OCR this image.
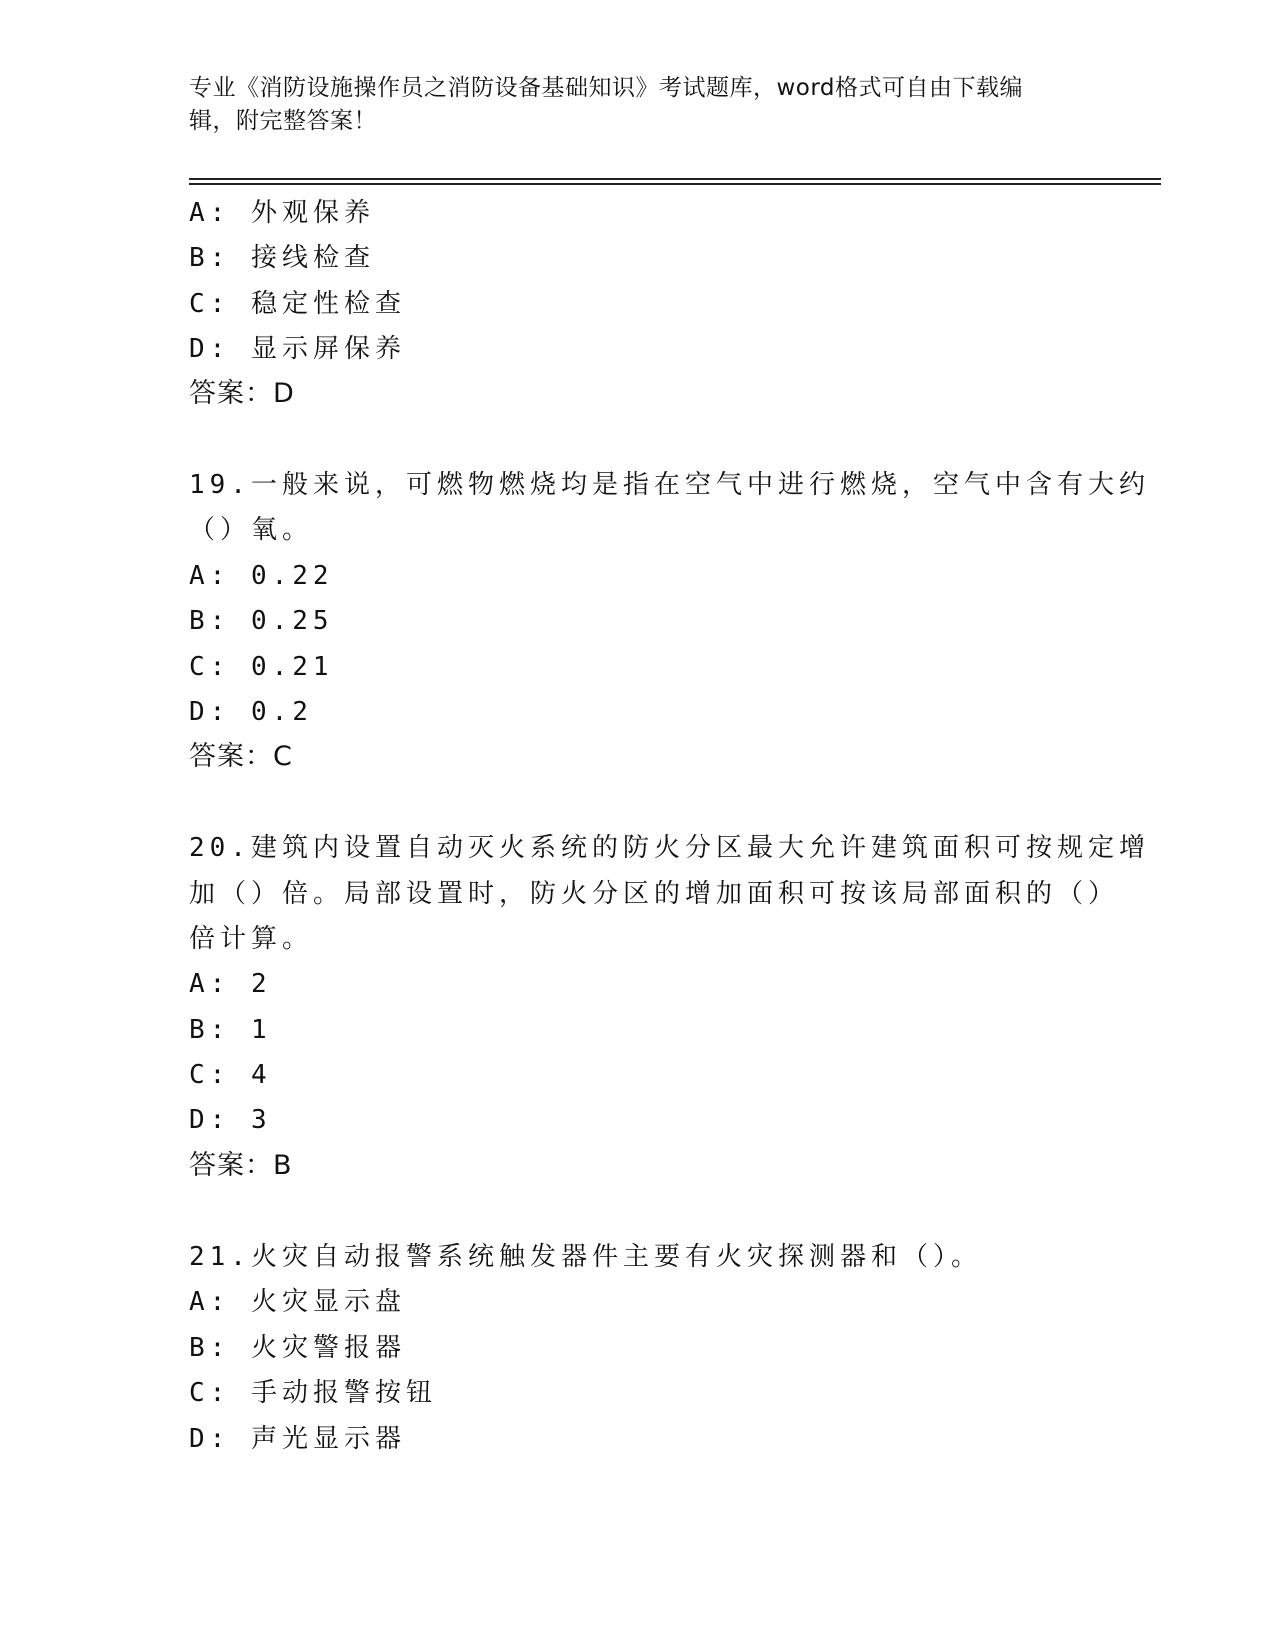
专业《消防设施操作员之消防设备基础知识》考试题库，word格式可自由下载编
辑，附完整答案！
A: 外观保养
B: 接线检查
C: 稳定性检查
D: 显示屏保养
答案：D
19.一般来说，可燃物燃烧均是指在空气中进行燃烧，空气中含有大约
（）氧。
A: 0.22
B: 0.25
C: 0.21
D: 0.2
答案：C
20.建筑内设置自动灭火系统的防火分区最大允许建筑面积可按规定增
加（）倍。局部设置时，防火分区的增加面积可按该局部面积的（）
倍计算。
A: 2
B: 1
C: 4
D: 3
答案：B
21.火灾自动报警系统触发器件主要有火灾探测器和（）。
A: 火灾显示盘
B: 火灾警报器
C: 手动报警按钮
D: 声光显示器
